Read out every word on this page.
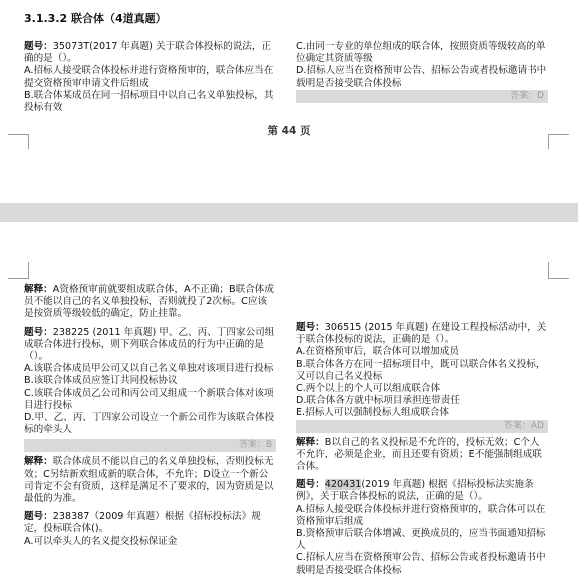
3.1.3.2 联合体（4道真题）

题号：35073T(2017 年真题) 关于联合体投标的说法，正确的是（）。

A.招标人接受联合体投标并进行资格预审的，联合体应当在提交资格预审申请文件后组成

B.联合体某成员在同一招标项目中以自己名义单独投标，其投标有效

C.由同一专业的单位组成的联合体，按照资质等级较高的单位确定其资质等级

D.招标人应当在资格预审公告、招标公告或者投标邀请书中载明是否接受联合体投标

答案：D
第 44 页

解释：A资格预审前就要组成联合体，A不正确；B联合体成员不能以自己的名义单独投标，否则就投了2次标。C应该是按资质等级较低的确定，防止挂靠。

题号：238225 (2011 年真题) 甲、乙、丙、丁四家公司组成联合体进行投标，则下列联合体成员的行为中正确的是（）。

A.该联合体成员甲公司又以自己名义单独对该项目进行投标

B.该联合体成员应签订共同投标协议

C.该联合体成员乙公司和丙公司又组成一个新联合体对该项目进行投标

D.甲、乙、丙、丁四家公司设立一个新公司作为该联合体投标的牵头人

答案：B

解释：联合体成员不能以自己的名义单独投标，否则投标无效；C另结新欢组成新的联合体，不允许；D设立一个新公司肯定不会有资质，这样是满足不了要求的，因为资质是以最低的为准。

题号：238387（2009 年真题）根据《招标投标法》规定，投标联合体()。

A.可以牵头人的名义提交投标保证金

题号：306515 (2015 年真题) 在建设工程投标活动中，关于联合体投标的说法，正确的是（）。

A.在资格预审后，联合体可以增加成员

B.联合体各方在同一招标项目中，既可以联合体名义投标，又可以自己名义投标

C.两个以上的个人可以组成联合体

D.联合体各方就中标项目承担连带责任

E.招标人可以强制投标人组成联合体

答案：AD

解释：B以自己的名义投标是不允许的，投标无效；C个人不允许，必须是企业，而且还要有资质；E不能强制组成联合体。

题号：420431(2019 年真题) 根据《招标投标法实施条例》，关于联合体投标的说法，正确的是（）。

A.招标人接受联合体投标并进行资格预审的，联合体可以在资格预审后组成

B.资格预审后联合体增减、更换成员的，应当书面通知招标人

C.招标人应当在资格预审公告、招标公告或者投标邀请书中载明是否接受联合体投标
